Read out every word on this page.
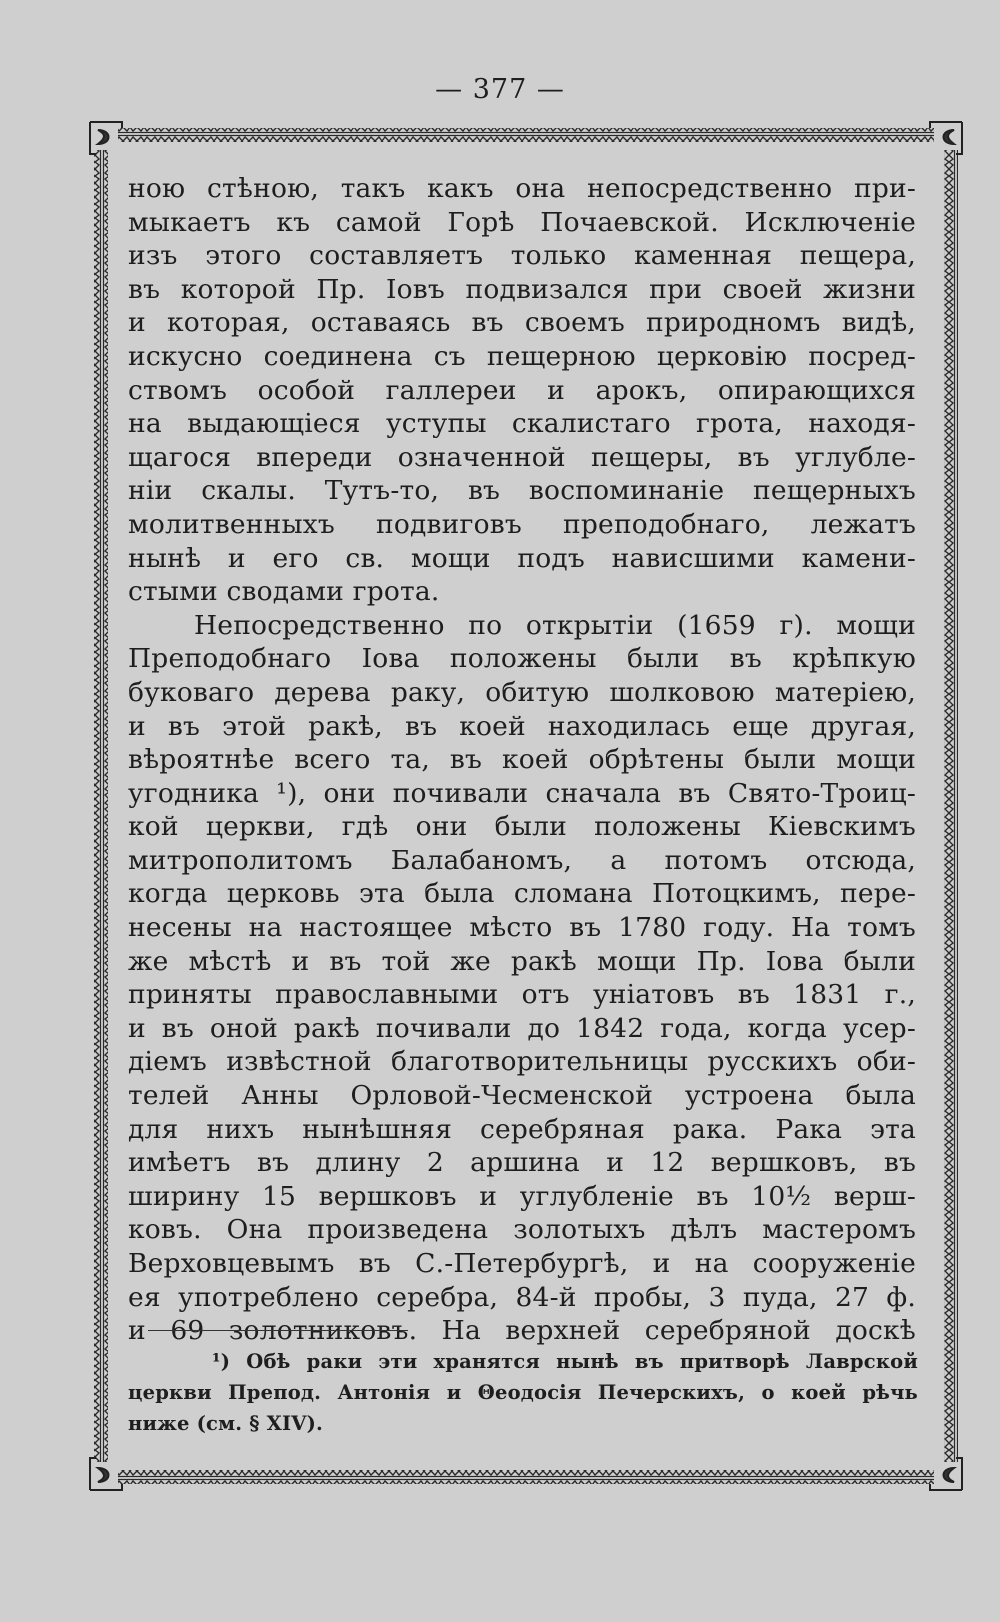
— 377 —
ною стѣною, такъ какъ она непосредственно при-
мыкаетъ къ самой Горѣ Почаевской. Исключенiе
изъ этого составляетъ только каменная пещера,
въ которой Пр. Іовъ подвизался при своей жизни
и которая, оставаясь въ своемъ природномъ видѣ,
искусно соединена съ пещерною церковiю посред-
ствомъ особой галлереи и арокъ, опирающихся
на выдающiеся уступы скалистаго грота, находя-
щагося впереди означенной пещеры, въ углубле-
нiи скалы. Тутъ-то, въ воспоминанiе пещерныхъ
молитвенныхъ подвиговъ преподобнаго, лежатъ
нынѣ и его св. мощи подъ нависшими камени-
стыми сводами грота.
Непосредственно по открытiи (1659 г). мощи
Преподобнаго Іова положены были въ крѣпкую
буковаго дерева раку, обитую шолковою матерiею,
и въ этой ракѣ, въ коей находилась еще другая,
вѣроятнѣе всего та, въ коей обрѣтены были мощи
угодника ¹), они почивали сначала въ Свято-Троиц-
кой церкви, гдѣ они были положены Кiевскимъ
митрополитомъ Балабаномъ, а потомъ отсюда,
когда церковь эта была сломана Потоцкимъ, пере-
несены на настоящее мѣсто въ 1780 году. На томъ
же мѣстѣ и въ той же ракѣ мощи Пр. Іова были
приняты православными отъ унiатовъ въ 1831 г.,
и въ оной ракѣ почивали до 1842 года, когда усер-
дiемъ извѣстной благотворительницы русскихъ оби-
телей Анны Орловой-Чесменской устроена была
для нихъ нынѣшняя серебряная рака. Рака эта
имѣетъ въ длину 2 аршина и 12 вершковъ, въ
ширину 15 вершковъ и углубленiе въ 10½ верш-
ковъ. Она произведена золотыхъ дѣлъ мастеромъ
Верховцевымъ въ С.-Петербургѣ, и на сооруженiе
ея употреблено серебра, 84-й пробы, 3 пуда, 27 ф.
и 69 золотниковъ. На верхней серебряной доскѣ
¹) Обѣ раки эти хранятся нынѣ въ притворѣ Лаврской
церкви Препод. Антонiя и Θеодосiя Печерскихъ, о коей рѣчь
ниже (см. § XIV).
